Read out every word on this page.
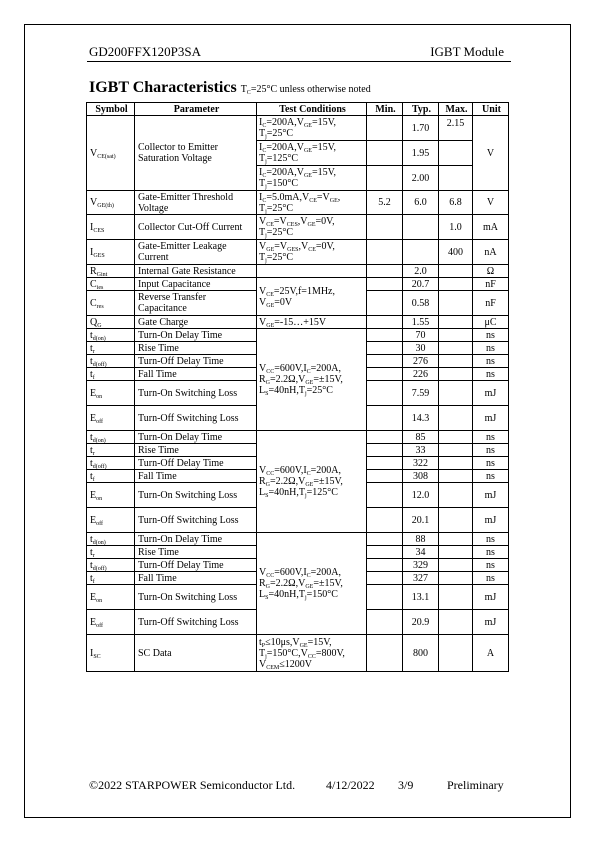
GD200FFX120P3SA	IGBT Module
IGBT Characteristics $T_C=25^\circ C$ unless otherwise noted
Symbol	Parameter	Test Conditions	Min.	Typ.	Max.	Unit
$V_{CE(sat)}$	Collector to Emitter Saturation Voltage	$I_C=200A,V_{GE}=15V$,
$T_j=25^\circ C$		1.70	2.15	V
		$I_C=200A,V_{GE}=15V$,
$T_j=125^\circ C$		1.95		
		$I_C=200A,V_{GE}=15V$,
$T_j=150^\circ C$		2.00		
$V_{GE(th)}$	Gate-Emitter Threshold Voltage	$I_C=5.0mA,V_{CE}=V_{GE}$,
$T_j=25^\circ C$	5.2	6.0	6.8	V
$I_{CES}$	Collector Cut-Off Current	$V_{CE}=V_{CES},V_{GE}=0V$,
$T_j=25^\circ C$			1.0	mA
$I_{GES}$	Gate-Emitter Leakage Current	$V_{GE}=V_{GES},V_{CE}=0V$,
$T_j=25^\circ C$			400	nA
$R_{Gint}$	Internal Gate Resistance			2.0		Ω
$C_{ies}$	Input Capacitance	$V_{CE}=25V,f=1MHz$,
$V_{GE}=0V$		20.7		nF
$C_{res}$	Reverse Transfer Capacitance			0.58		nF
$Q_G$	Gate Charge	$V_{GE}=-15\dots+15V$		1.55		μC
$t_{d(on)}$	Turn-On Delay Time	$V_{CC}=600V,I_C=200A$,
$R_G=2.2\Omega,V_{GE}=\pm 15V$,
$L_S=40nH,T_j=25^\circ C$		70		ns
$t_r$	Rise Time			30		ns
$t_{d(off)}$	Turn-Off Delay Time			276		ns
$t_f$	Fall Time			226		ns
$E_{on}$	Turn-On Switching Loss			7.59		mJ
$E_{off}$	Turn-Off Switching Loss			14.3		mJ
$t_{d(on)}$	Turn-On Delay Time	$V_{CC}=600V,I_C=200A$,
$R_G=2.2\Omega,V_{GE}=\pm 15V$,
$L_S=40nH,T_j=125^\circ C$		85		ns
$t_r$	Rise Time			33		ns
$t_{d(off)}$	Turn-Off Delay Time			322		ns
$t_f$	Fall Time			308		ns
$E_{on}$	Turn-On Switching Loss			12.0		mJ
$E_{off}$	Turn-Off Switching Loss			20.1		mJ
$t_{d(on)}$	Turn-On Delay Time	$V_{CC}=600V,I_C=200A$,
$R_G=2.2\Omega,V_{GE}=\pm 15V$,
$L_S=40nH,T_j=150^\circ C$		88		ns
$t_r$	Rise Time			34		ns
$t_{d(off)}$	Turn-Off Delay Time			329		ns
$t_f$	Fall Time			327		ns
$E_{on}$	Turn-On Switching Loss			13.1		mJ
$E_{off}$	Turn-Off Switching Loss			20.9		mJ
$I_{SC}$	SC Data	$t_P\le 10\mu s,V_{GE}=15V$,
$T_j=150^\circ C,V_{CC}=800V$,
$V_{CEM}\le 1200V$		800		A
©2022 STARPOWER Semiconductor Ltd.	4/12/2022 3/9	Preliminary
